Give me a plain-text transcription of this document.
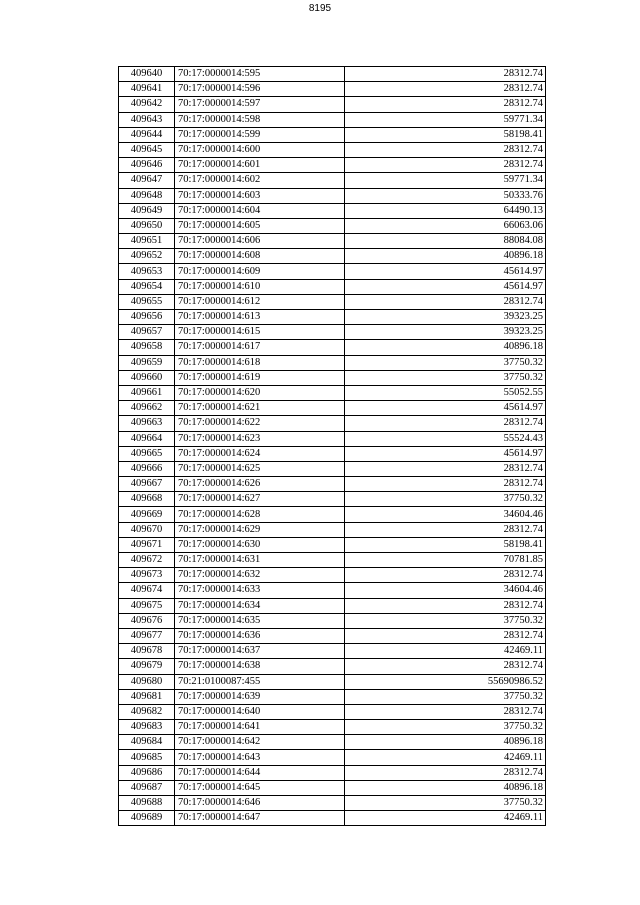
8195
409640	70:17:0000014:595	28312.74
409641	70:17:0000014:596	28312.74
409642	70:17:0000014:597	28312.74
409643	70:17:0000014:598	59771.34
409644	70:17:0000014:599	58198.41
409645	70:17:0000014:600	28312.74
409646	70:17:0000014:601	28312.74
409647	70:17:0000014:602	59771.34
409648	70:17:0000014:603	50333.76
409649	70:17:0000014:604	64490.13
409650	70:17:0000014:605	66063.06
409651	70:17:0000014:606	88084.08
409652	70:17:0000014:608	40896.18
409653	70:17:0000014:609	45614.97
409654	70:17:0000014:610	45614.97
409655	70:17:0000014:612	28312.74
409656	70:17:0000014:613	39323.25
409657	70:17:0000014:615	39323.25
409658	70:17:0000014:617	40896.18
409659	70:17:0000014:618	37750.32
409660	70:17:0000014:619	37750.32
409661	70:17:0000014:620	55052.55
409662	70:17:0000014:621	45614.97
409663	70:17:0000014:622	28312.74
409664	70:17:0000014:623	55524.43
409665	70:17:0000014:624	45614.97
409666	70:17:0000014:625	28312.74
409667	70:17:0000014:626	28312.74
409668	70:17:0000014:627	37750.32
409669	70:17:0000014:628	34604.46
409670	70:17:0000014:629	28312.74
409671	70:17:0000014:630	58198.41
409672	70:17:0000014:631	70781.85
409673	70:17:0000014:632	28312.74
409674	70:17:0000014:633	34604.46
409675	70:17:0000014:634	28312.74
409676	70:17:0000014:635	37750.32
409677	70:17:0000014:636	28312.74
409678	70:17:0000014:637	42469.11
409679	70:17:0000014:638	28312.74
409680	70:21:0100087:455	55690986.52
409681	70:17:0000014:639	37750.32
409682	70:17:0000014:640	28312.74
409683	70:17:0000014:641	37750.32
409684	70:17:0000014:642	40896.18
409685	70:17:0000014:643	42469.11
409686	70:17:0000014:644	28312.74
409687	70:17:0000014:645	40896.18
409688	70:17:0000014:646	37750.32
409689	70:17:0000014:647	42469.11
